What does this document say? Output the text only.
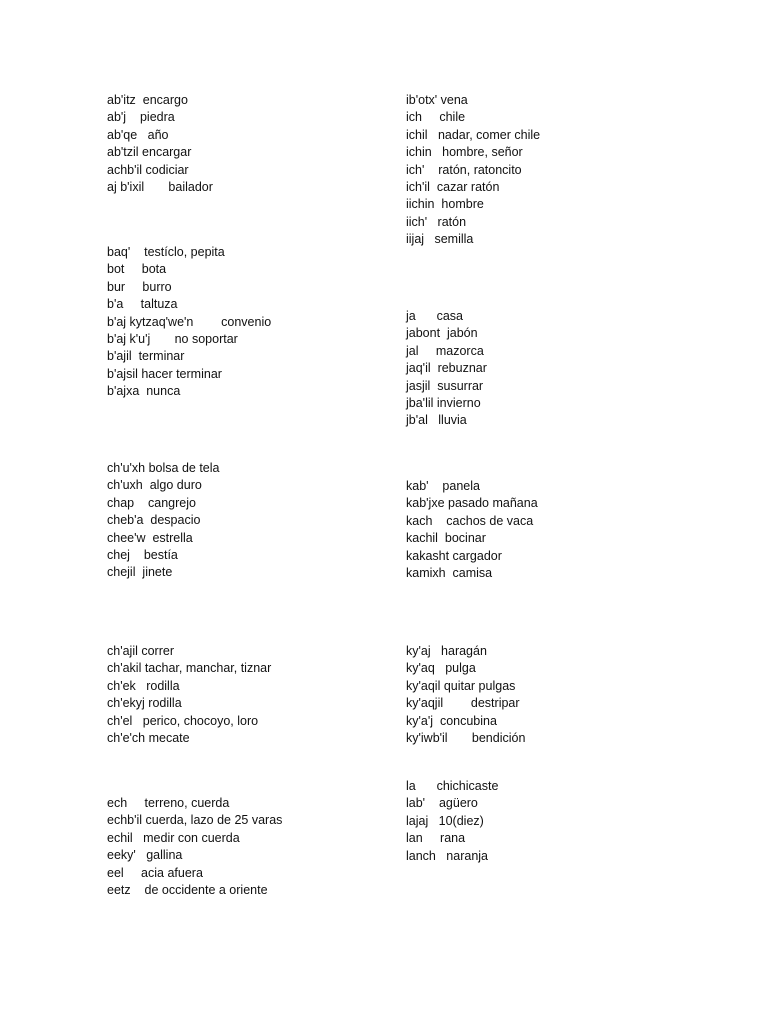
ab'itz  encargo
ab'j    piedra
ab'qe   año
ab'tzil encargar
achb'il codiciar
aj b'ixil       bailador
baq'    testíclo, pepita
bot     bota
bur     burro
b'a     taltuza
b'aj kytzaq'we'n        convenio
b'aj k'u'j       no soportar
b'ajil  terminar
b'ajsil hacer terminar
b'ajxa  nunca
ch'u'xh bolsa de tela
ch'uxh  algo duro
chap    cangrejo
cheb'a  despacio
chee'w  estrella
chej    bestía
chejil  jinete
ch'ajil correr
ch'akil tachar, manchar, tiznar
ch'ek   rodilla
ch'ekyj rodilla
ch'el   perico, chocoyo, loro
ch'e'ch mecate
ech     terreno, cuerda
echb'il cuerda, lazo de 25 varas
echil   medir con cuerda
eeky'   gallina
eel     acia afuera
eetz    de occidente a oriente
ib'otx' vena
ich     chile
ichil   nadar, comer chile
ichin   hombre, señor
ich'    ratón, ratoncito
ich'il  cazar ratón
iichin  hombre
iich'   ratón
iijaj   semilla
ja      casa
jabont  jabón
jal     mazorca
jaq'il  rebuznar
jasjil  susurrar
jba'lil invierno
jb'al   lluvia
kab'    panela
kab'jxe pasado mañana
kach    cachos de vaca
kachil  bocinar
kakasht cargador
kamixh  camisa
ky'aj   haragán
ky'aq   pulga
ky'aqil quitar pulgas
ky'aqjil        destripar
ky'a'j  concubina
ky'iwb'il       bendición
la      chichicaste
lab'    agüero
lajaj   10(diez)
lan     rana
lanch   naranja
